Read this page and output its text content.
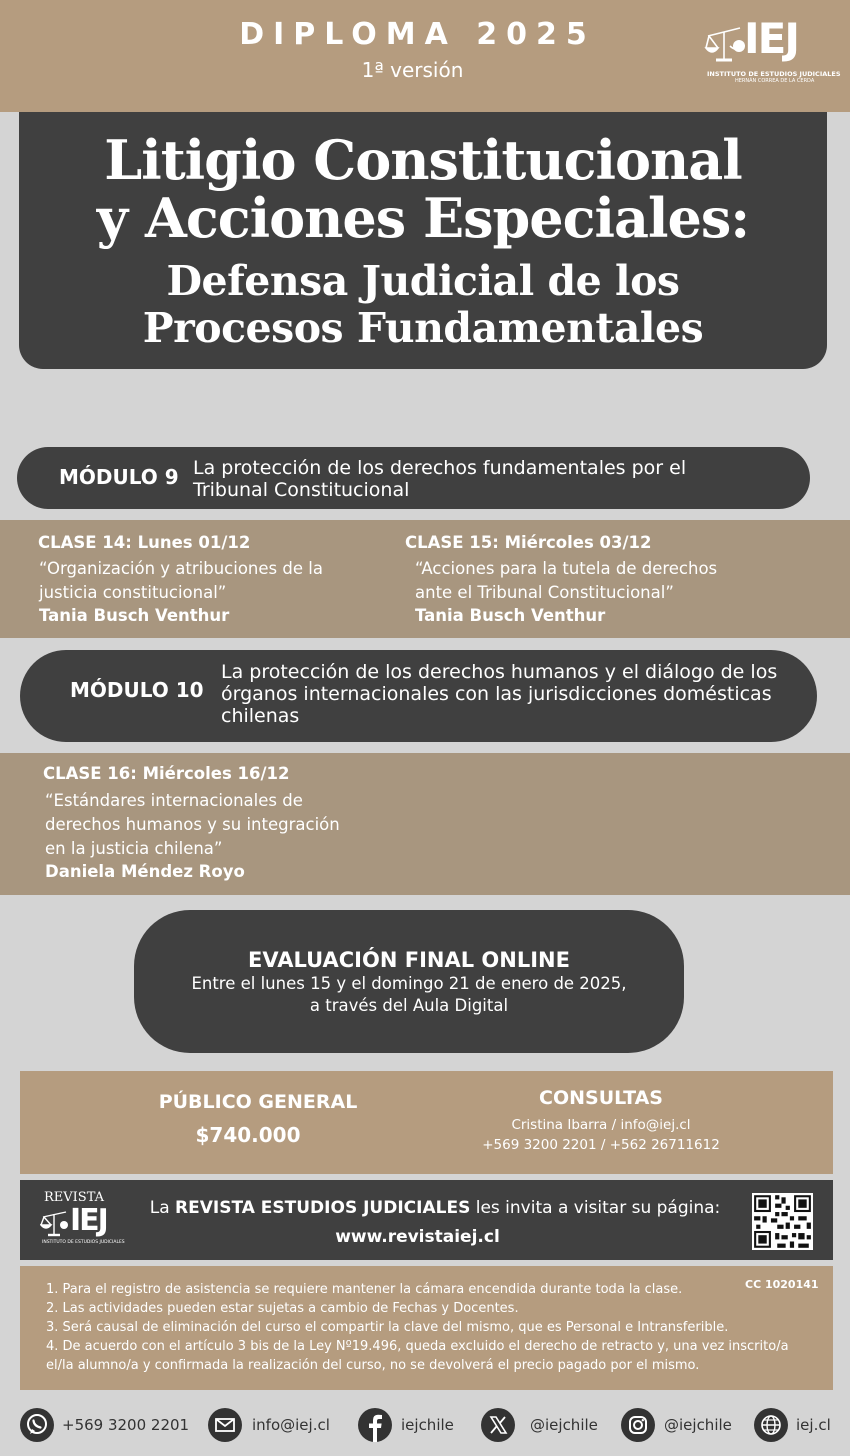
DIPLOMA 2025
1ª versión
IEJ
INSTITUTO DE ESTUDIOS JUDICIALES
HERNÁN CORREA DE LA CERDA
Litigio Constitucional
y Acciones Especiales:
Defensa Judicial de los
Procesos Fundamentales
MÓDULO 9 La protección de los derechos fundamentales por el Tribunal Constitucional
CLASE 14: Lunes 01/12
“Organización y atribuciones de la justicia constitucional”
Tania Busch Venthur
CLASE 15: Miércoles 03/12
“Acciones para la tutela de derechos ante el Tribunal Constitucional”
Tania Busch Venthur
MÓDULO 10
La protección de los derechos humanos y el diálogo de los órganos internacionales con las jurisdicciones domésticas chilenas
CLASE 16: Miércoles 16/12
“Estándares internacionales de derechos humanos y su integración en la justicia chilena”
Daniela Méndez Royo
EVALUACIÓN FINAL ONLINE
Entre el lunes 15 y el domingo 21 de enero de 2025,
a través del Aula Digital
PÚBLICO GENERAL
$740.000
CONSULTAS
Cristina Ibarra / info@iej.cl
+569 3200 2201 / +562 26711612
REVISTA
IEJ
INSTITUTO DE ESTUDIOS JUDICIALES
La REVISTA ESTUDIOS JUDICIALES les invita a visitar su página:
www.revistaiej.cl
CC 1020141
1. Para el registro de asistencia se requiere mantener la cámara encendida durante toda la clase.
2. Las actividades pueden estar sujetas a cambio de Fechas y Docentes.
3. Será causal de eliminación del curso el compartir la clave del mismo, que es Personal e Intransferible.
4. De acuerdo con el artículo 3 bis de la Ley Nº19.496, queda excluido el derecho de retracto y, una vez inscrito/a el/la alumno/a y confirmada la realización del curso, no se devolverá el precio pagado por el mismo.
+569 3200 2201	info@iej.cl	iejchile	@iejchile	@iejchile	iej.cl
